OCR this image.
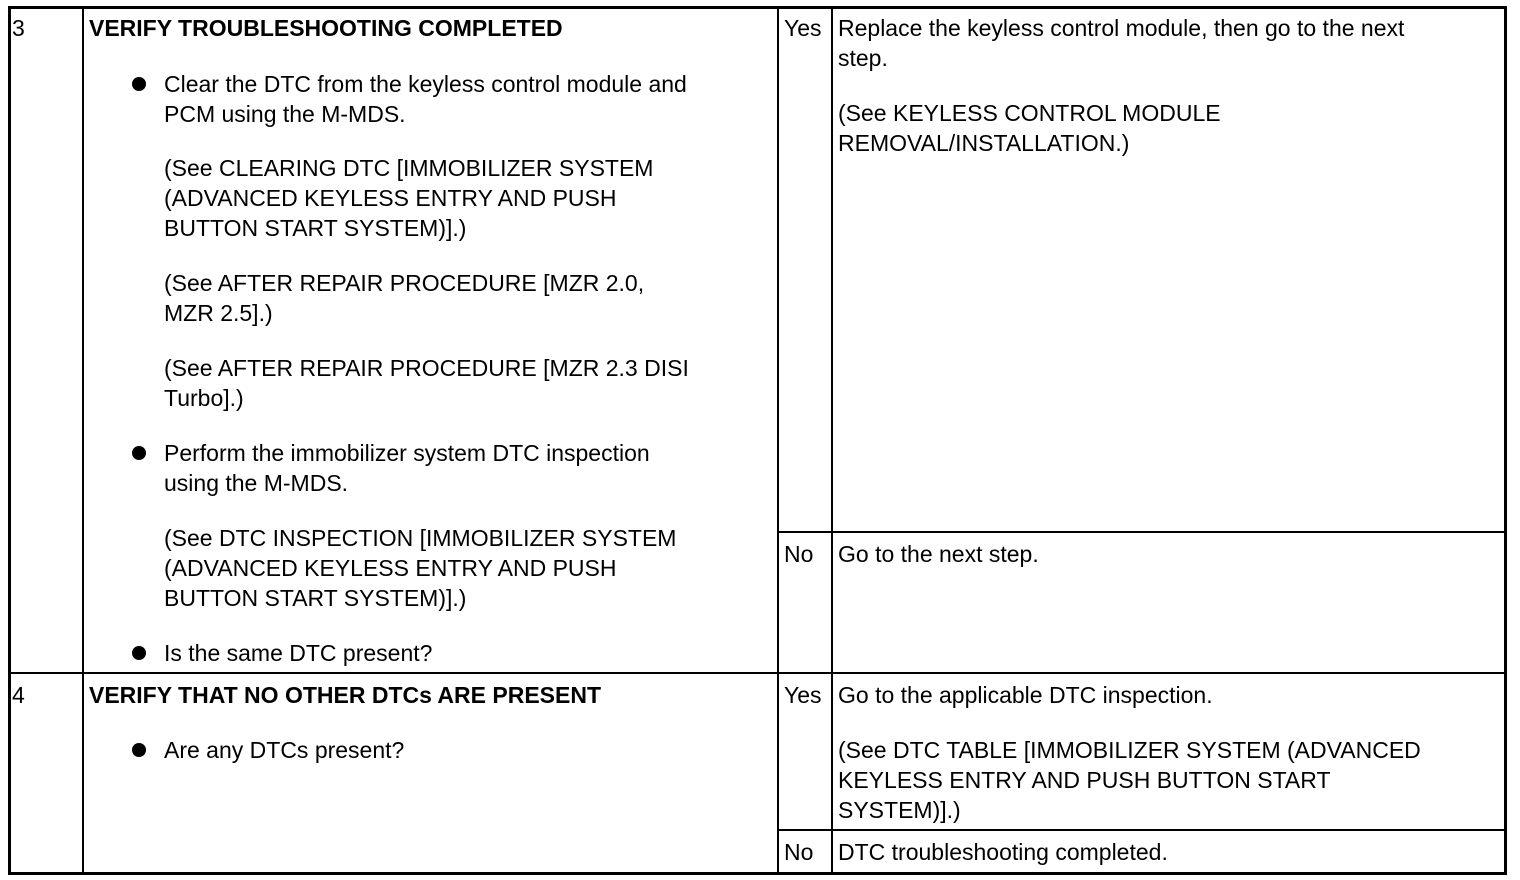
3	VERIFY TROUBLESHOOTING COMPLETED
Clear the DTC from the keyless control module and
PCM using the M-MDS.
(See CLEARING DTC [IMMOBILIZER SYSTEM
(ADVANCED KEYLESS ENTRY AND PUSH
BUTTON START SYSTEM)].)
(See AFTER REPAIR PROCEDURE [MZR 2.0,
MZR 2.5].)
(See AFTER REPAIR PROCEDURE [MZR 2.3 DISI
Turbo].)
Perform the immobilizer system DTC inspection
using the M-MDS.
(See DTC INSPECTION [IMMOBILIZER SYSTEM
(ADVANCED KEYLESS ENTRY AND PUSH
BUTTON START SYSTEM)].)
Is the same DTC present?
Yes Replace the keyless control module, then go to the next
step.
(See KEYLESS CONTROL MODULE
REMOVAL/INSTALLATION.)
No Go to the next step.
4	VERIFY THAT NO OTHER DTCs ARE PRESENT
Are any DTCs present?
Yes Go to the applicable DTC inspection.
(See DTC TABLE [IMMOBILIZER SYSTEM (ADVANCED
KEYLESS ENTRY AND PUSH BUTTON START
SYSTEM)].)
No DTC troubleshooting completed.
